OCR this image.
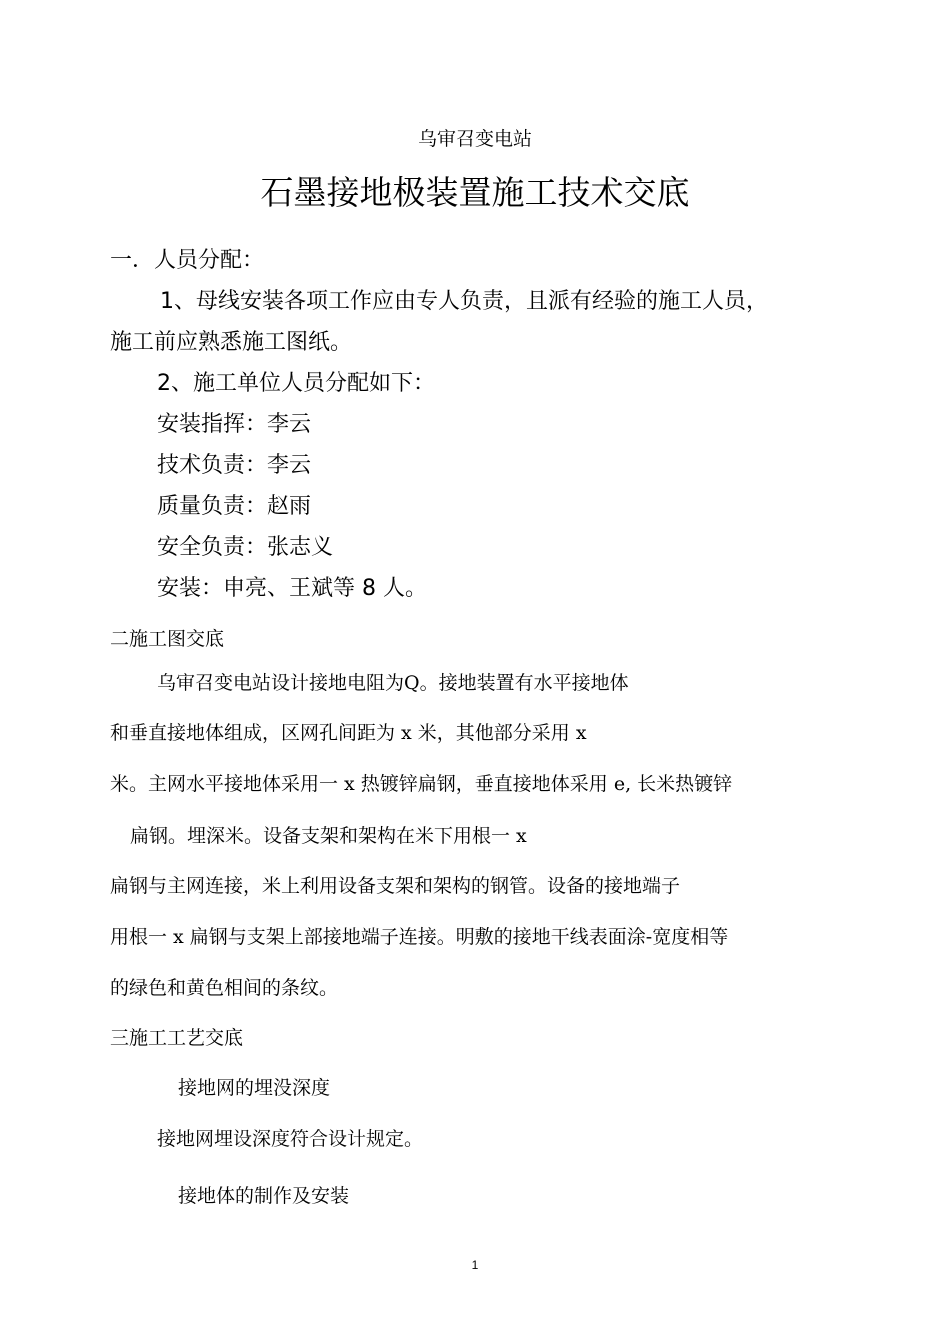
乌审召变电站
石墨接地极装置施工技术交底
一．人员分配：
1、母线安装各项工作应由专人负责，且派有经验的施工人员，
施工前应熟悉施工图纸。
2、施工单位人员分配如下：
安装指挥：李云
技术负责：李云
质量负责：赵雨
安全负责：张志义
安装：申亮、王斌等 8 人。
二施工图交底
乌审召变电站设计接地电阻为Q。接地装置有水平接地体
和垂直接地体组成，区网孔间距为 x 米，其他部分采用 x
米。主网水平接地体采用一 x 热镀锌扁钢，垂直接地体采用 e, 长米热镀锌
扁钢。埋深米。设备支架和架构在米下用根一 x
扁钢与主网连接，米上利用设备支架和架构的钢管。设备的接地端子
用根一 x 扁钢与支架上部接地端子连接。明敷的接地干线表面涂-宽度相等
的绿色和黄色相间的条纹。
三施工工艺交底
接地网的埋没深度
接地网埋设深度符合设计规定。
接地体的制作及安装
1
